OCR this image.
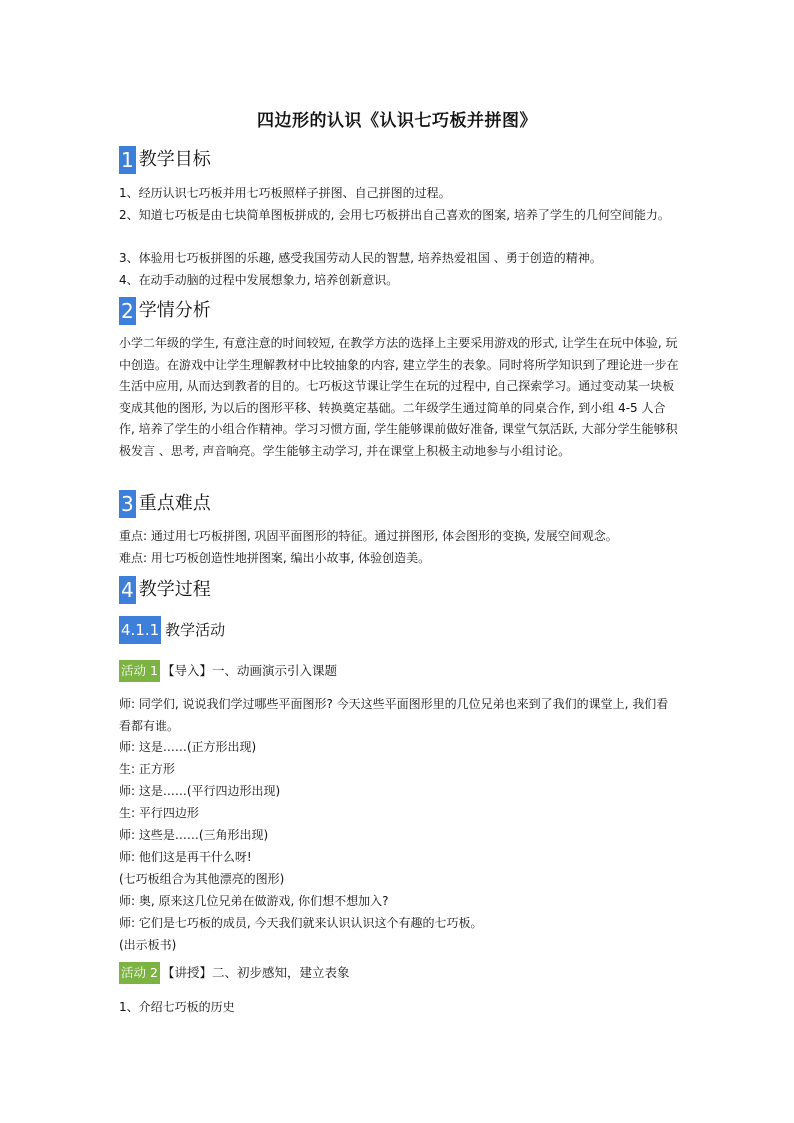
四边形的认识《认识七巧板并拼图》
1 教学目标
1、经历认识七巧板并用七巧板照样子拼图、自己拼图的过程。
2、知道七巧板是由七块简单图板拼成的, 会用七巧板拼出自己喜欢的图案, 培养了学生的几何空间能力。
3、体验用七巧板拼图的乐趣, 感受我国劳动人民的智慧, 培养热爱祖国 、勇于创造的精神。
4、在动手动脑的过程中发展想象力, 培养创新意识。
2 学情分析
小学二年级的学生, 有意注意的时间较短, 在教学方法的选择上主要采用游戏的形式, 让学生在玩中体验, 玩中创造。在游戏中让学生理解教材中比较抽象的内容, 建立学生的表象。同时将所学知识到了理论进一步在生活中应用, 从而达到教者的目的。七巧板这节课让学生在玩的过程中, 自己探索学习。通过变动某一块板变成其他的图形, 为以后的图形平移、转换奠定基础。二年级学生通过简单的同桌合作, 到小组 4-5 人合作, 培养了学生的小组合作精神。学习习惯方面, 学生能够课前做好准备, 课堂气氛活跃, 大部分学生能够积极发言 、思考, 声音响亮。学生能够主动学习, 并在课堂上积极主动地参与小组讨论。
3 重点难点
重点: 通过用七巧板拼图, 巩固平面图形的特征。通过拼图形, 体会图形的变换, 发展空间观念。
难点: 用七巧板创造性地拼图案, 编出小故事, 体验创造美。
4 教学过程
4.1.1 教学活动
活动 1 【导入】一、动画演示引入课题
师: 同学们, 说说我们学过哪些平面图形? 今天这些平面图形里的几位兄弟也来到了我们的课堂上, 我们看看都有谁。
师: 这是……(正方形出现)
生: 正方形
师: 这是……(平行四边形出现)
生: 平行四边形
师: 这些是……(三角形出现)
师: 他们这是再干什么呀!
(七巧板组合为其他漂亮的图形)
师: 奥, 原来这几位兄弟在做游戏, 你们想不想加入?
师: 它们是七巧板的成员, 今天我们就来认识认识这个有趣的七巧板。
(出示板书)
活动 2 【讲授】二、初步感知，建立表象
1、介绍七巧板的历史
